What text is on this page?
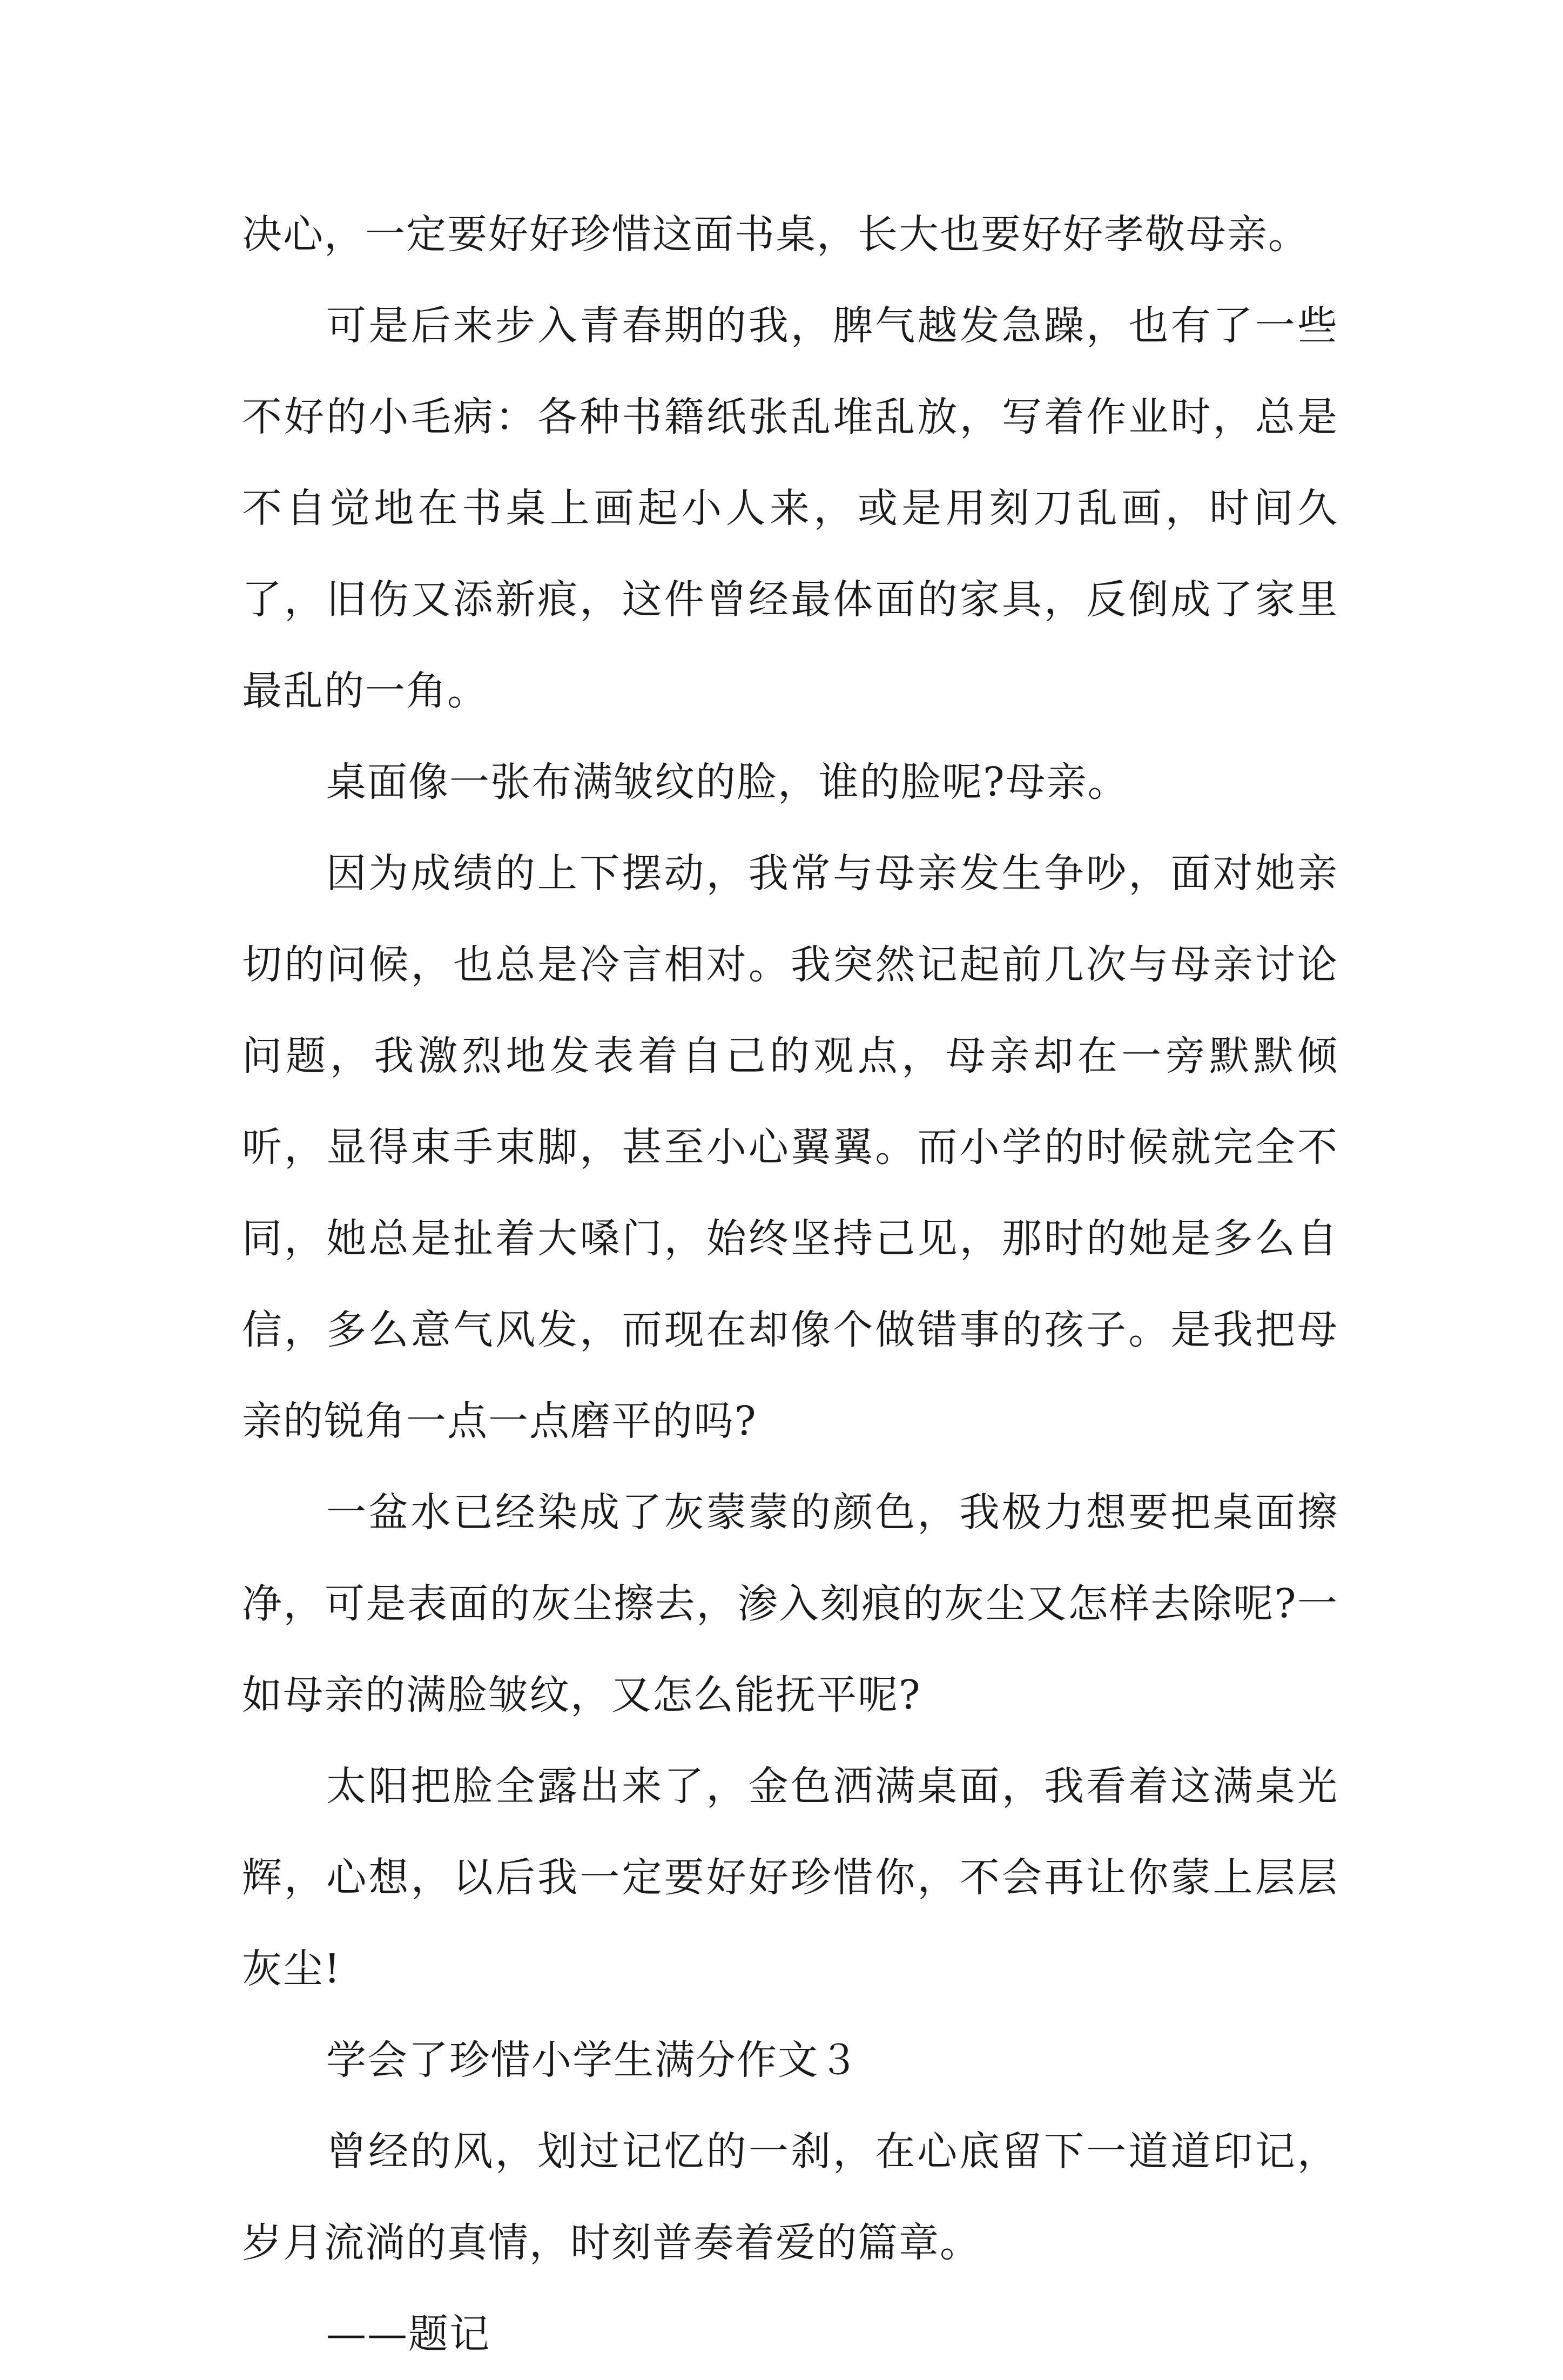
决心，一定要好好珍惜这面书桌，长大也要好好孝敬母亲。

可是后来步入青春期的我，脾气越发急躁，也有了一些不好的小毛病：各种书籍纸张乱堆乱放，写着作业时，总是不自觉地在书桌上画起小人来，或是用刻刀乱画，时间久了，旧伤又添新痕，这件曾经最体面的家具，反倒成了家里最乱的一角。

桌面像一张布满皱纹的脸，谁的脸呢?母亲。

因为成绩的上下摆动，我常与母亲发生争吵，面对她亲切的问候，也总是冷言相对。我突然记起前几次与母亲讨论问题，我激烈地发表着自己的观点，母亲却在一旁默默倾听，显得束手束脚，甚至小心翼翼。而小学的时候就完全不同，她总是扯着大嗓门，始终坚持己见，那时的她是多么自信，多么意气风发，而现在却像个做错事的孩子。是我把母亲的锐角一点一点磨平的吗?

一盆水已经染成了灰蒙蒙的颜色，我极力想要把桌面擦净，可是表面的灰尘擦去，渗入刻痕的灰尘又怎样去除呢?一如母亲的满脸皱纹，又怎么能抚平呢?

太阳把脸全露出来了，金色洒满桌面，我看着这满桌光辉，心想，以后我一定要好好珍惜你，不会再让你蒙上层层灰尘!

学会了珍惜小学生满分作文３

曾经的风，划过记忆的一刹，在心底留下一道道印记，岁月流淌的真情，时刻普奏着爱的篇章。

——题记
